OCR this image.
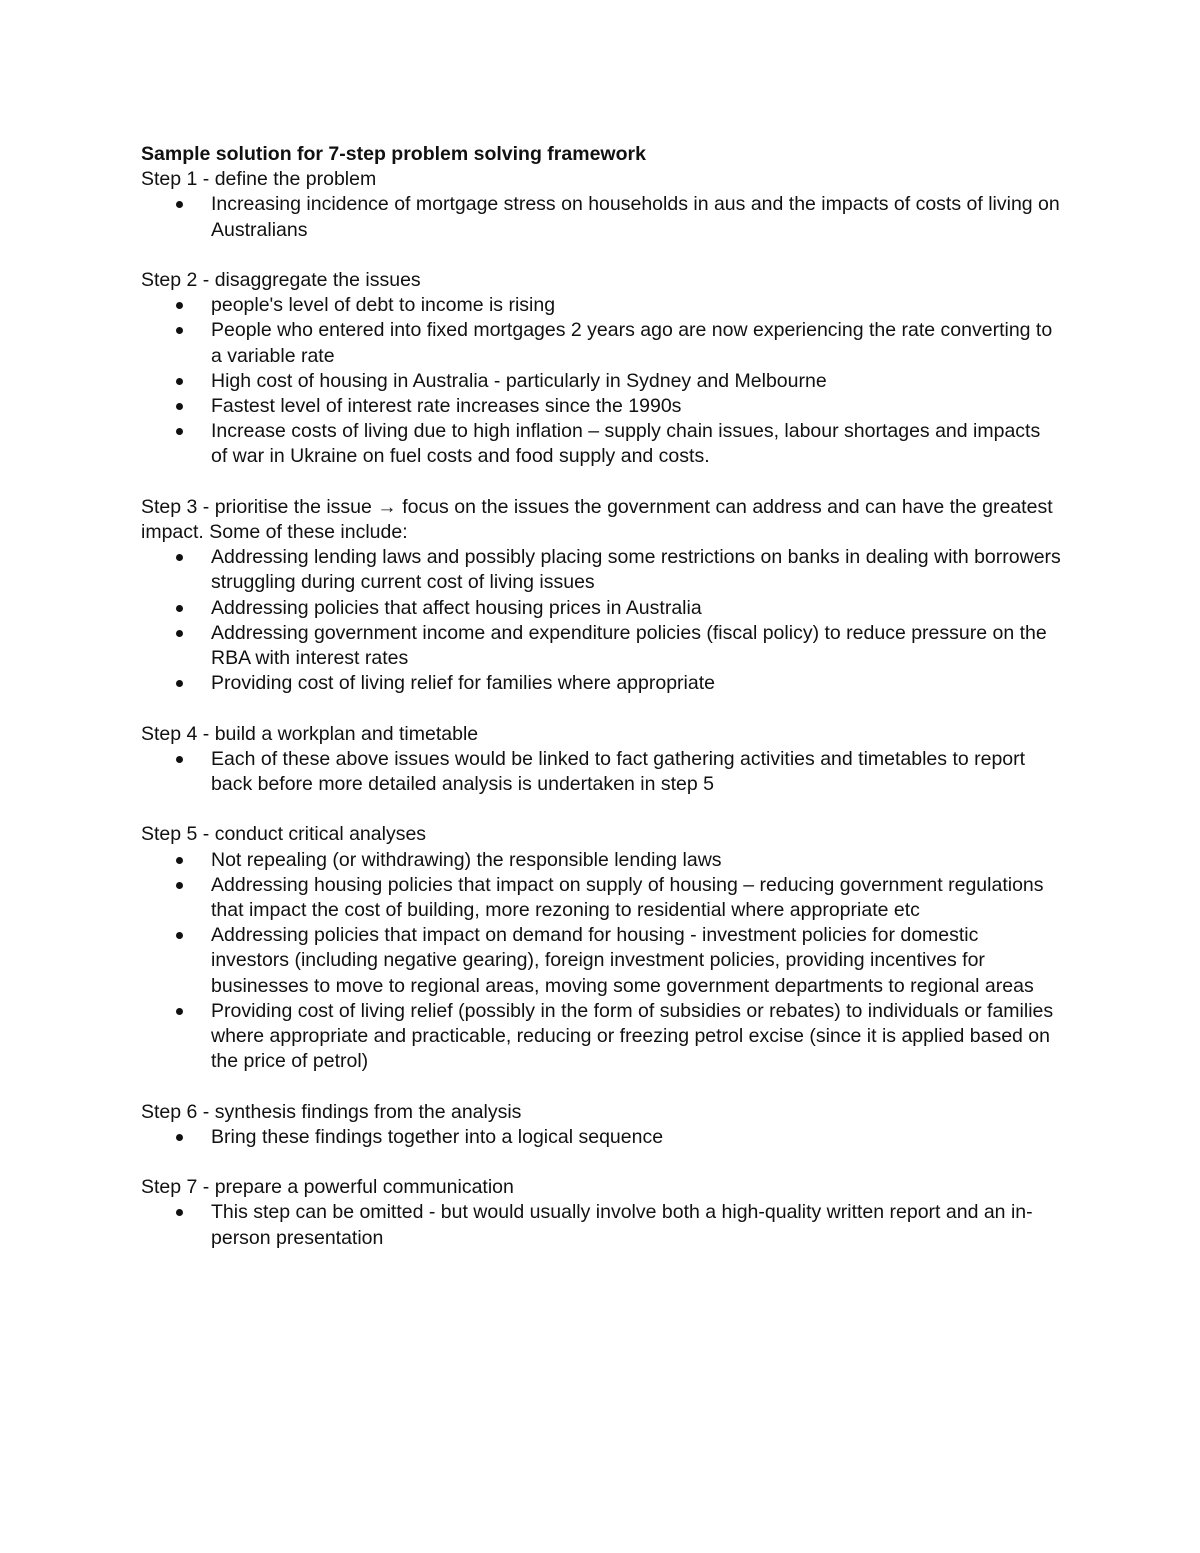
Sample solution for 7-step problem solving framework

Step 1 - define the problem

Increasing incidence of mortgage stress on households in aus and the impacts of costs of living on Australians

Step 2 - disaggregate the issues

people's level of debt to income is rising
People who entered into fixed mortgages 2 years ago are now experiencing the rate converting to a variable rate
High cost of housing in Australia - particularly in Sydney and Melbourne
Fastest level of interest rate increases since the 1990s
Increase costs of living due to high inflation – supply chain issues, labour shortages and impacts of war in Ukraine on fuel costs and food supply and costs.

Step 3 - prioritise the issue → focus on the issues the government can address and can have the greatest impact. Some of these include:

Addressing lending laws and possibly placing some restrictions on banks in dealing with borrowers struggling during current cost of living issues
Addressing policies that affect housing prices in Australia
Addressing government income and expenditure policies (fiscal policy) to reduce pressure on the RBA with interest rates
Providing cost of living relief for families where appropriate

Step 4 - build a workplan and timetable

Each of these above issues would be linked to fact gathering activities and timetables to report back before more detailed analysis is undertaken in step 5

Step 5 - conduct critical analyses

Not repealing (or withdrawing) the responsible lending laws
Addressing housing policies that impact on supply of housing – reducing government regulations that impact the cost of building, more rezoning to residential where appropriate etc
Addressing policies that impact on demand for housing - investment policies for domestic investors (including negative gearing), foreign investment policies, providing incentives for businesses to move to regional areas, moving some government departments to regional areas
Providing cost of living relief (possibly in the form of subsidies or rebates) to individuals or families where appropriate and practicable, reducing or freezing petrol excise (since it is applied based on the price of petrol)

Step 6 - synthesis findings from the analysis

Bring these findings together into a logical sequence

Step 7 - prepare a powerful communication

This step can be omitted - but would usually involve both a high-quality written report and an in-person presentation
